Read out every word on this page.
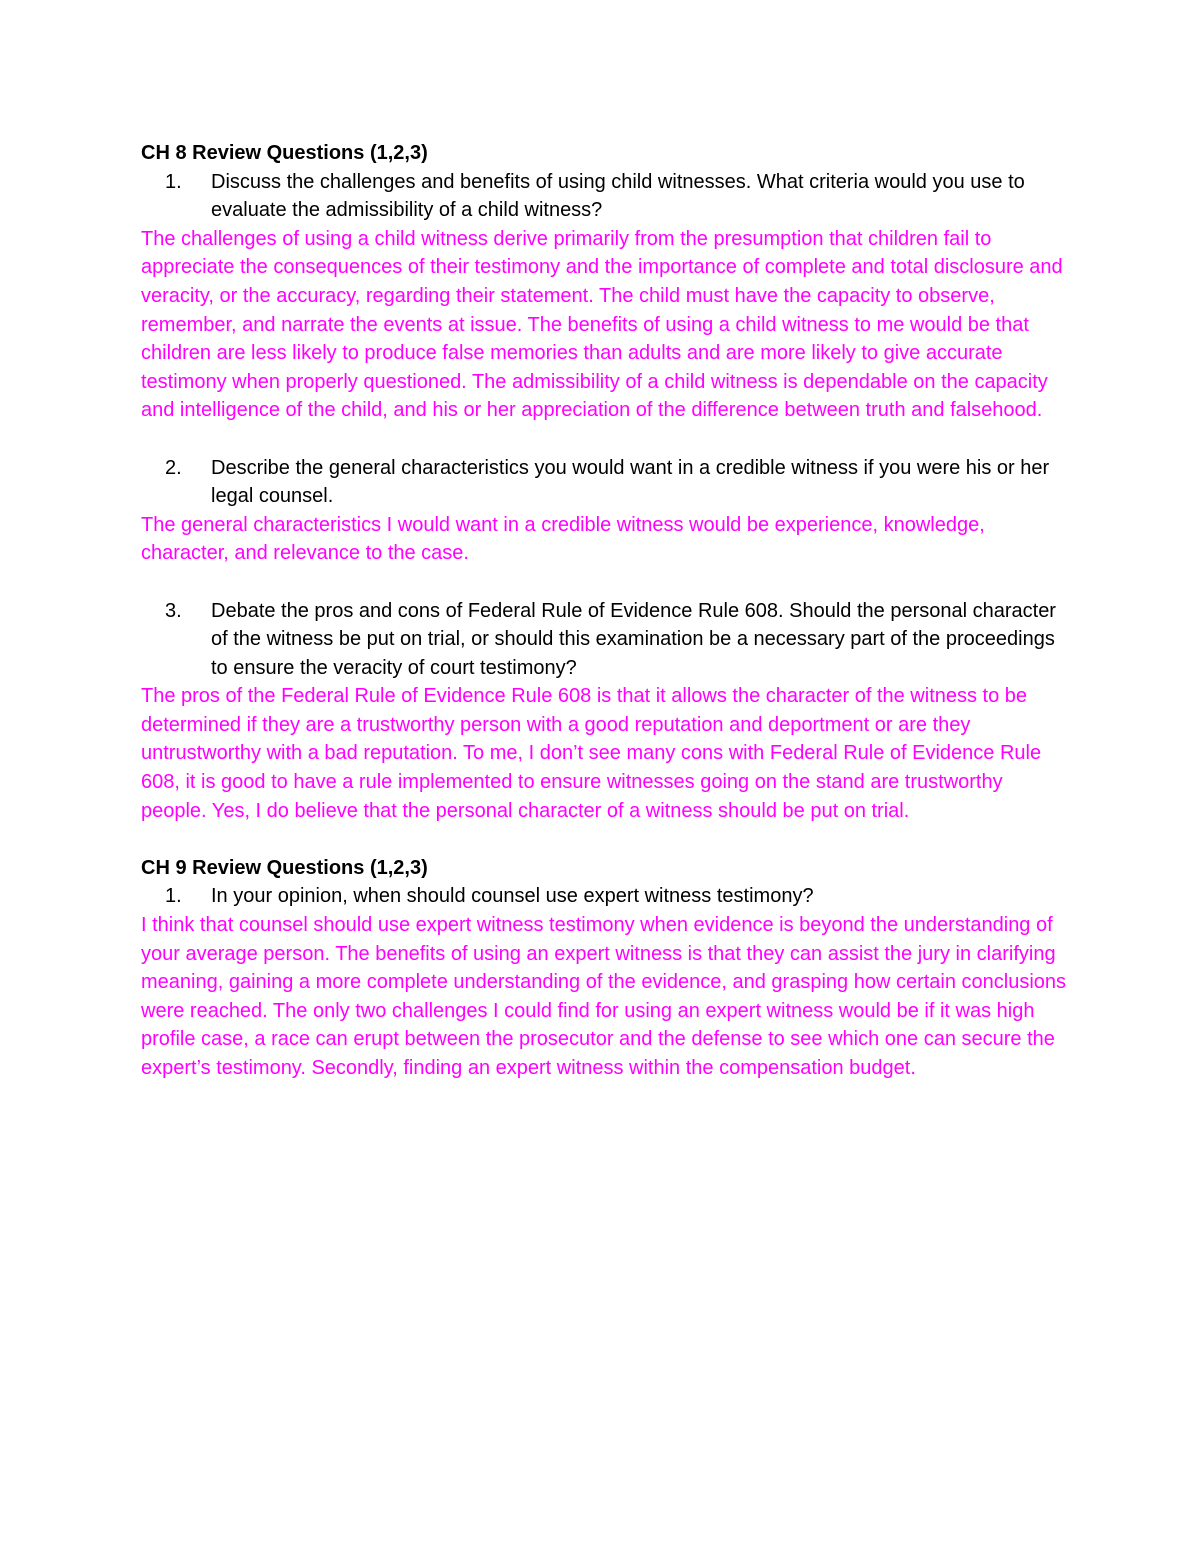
CH 8 Review Questions (1,2,3)

1.	Discuss the challenges and benefits of using child witnesses. What criteria would you use to evaluate the admissibility of a child witness?

The challenges of using a child witness derive primarily from the presumption that children fail to appreciate the consequences of their testimony and the importance of complete and total disclosure and veracity, or the accuracy, regarding their statement. The child must have the capacity to observe, remember, and narrate the events at issue. The benefits of using a child witness to me would be that children are less likely to produce false memories than adults and are more likely to give accurate testimony when properly questioned. The admissibility of a child witness is dependable on the capacity and intelligence of the child, and his or her appreciation of the difference between truth and falsehood.

2.	Describe the general characteristics you would want in a credible witness if you were his or her legal counsel.

The general characteristics I would want in a credible witness would be experience, knowledge, character, and relevance to the case.

3.	Debate the pros and cons of Federal Rule of Evidence Rule 608. Should the personal character of the witness be put on trial, or should this examination be a necessary part of the proceedings to ensure the veracity of court testimony?

The pros of the Federal Rule of Evidence Rule 608 is that it allows the character of the witness to be determined if they are a trustworthy person with a good reputation and deportment or are they untrustworthy with a bad reputation. To me, I don’t see many cons with Federal Rule of Evidence Rule 608, it is good to have a rule implemented to ensure witnesses going on the stand are trustworthy people. Yes, I do believe that the personal character of a witness should be put on trial.

CH 9 Review Questions (1,2,3)

1.	In your opinion, when should counsel use expert witness testimony?

I think that counsel should use expert witness testimony when evidence is beyond the understanding of your average person. The benefits of using an expert witness is that they can assist the jury in clarifying meaning, gaining a more complete understanding of the evidence, and grasping how certain conclusions were reached. The only two challenges I could find for using an expert witness would be if it was high profile case, a race can erupt between the prosecutor and the defense to see which one can secure the expert’s testimony. Secondly, finding an expert witness within the compensation budget.
